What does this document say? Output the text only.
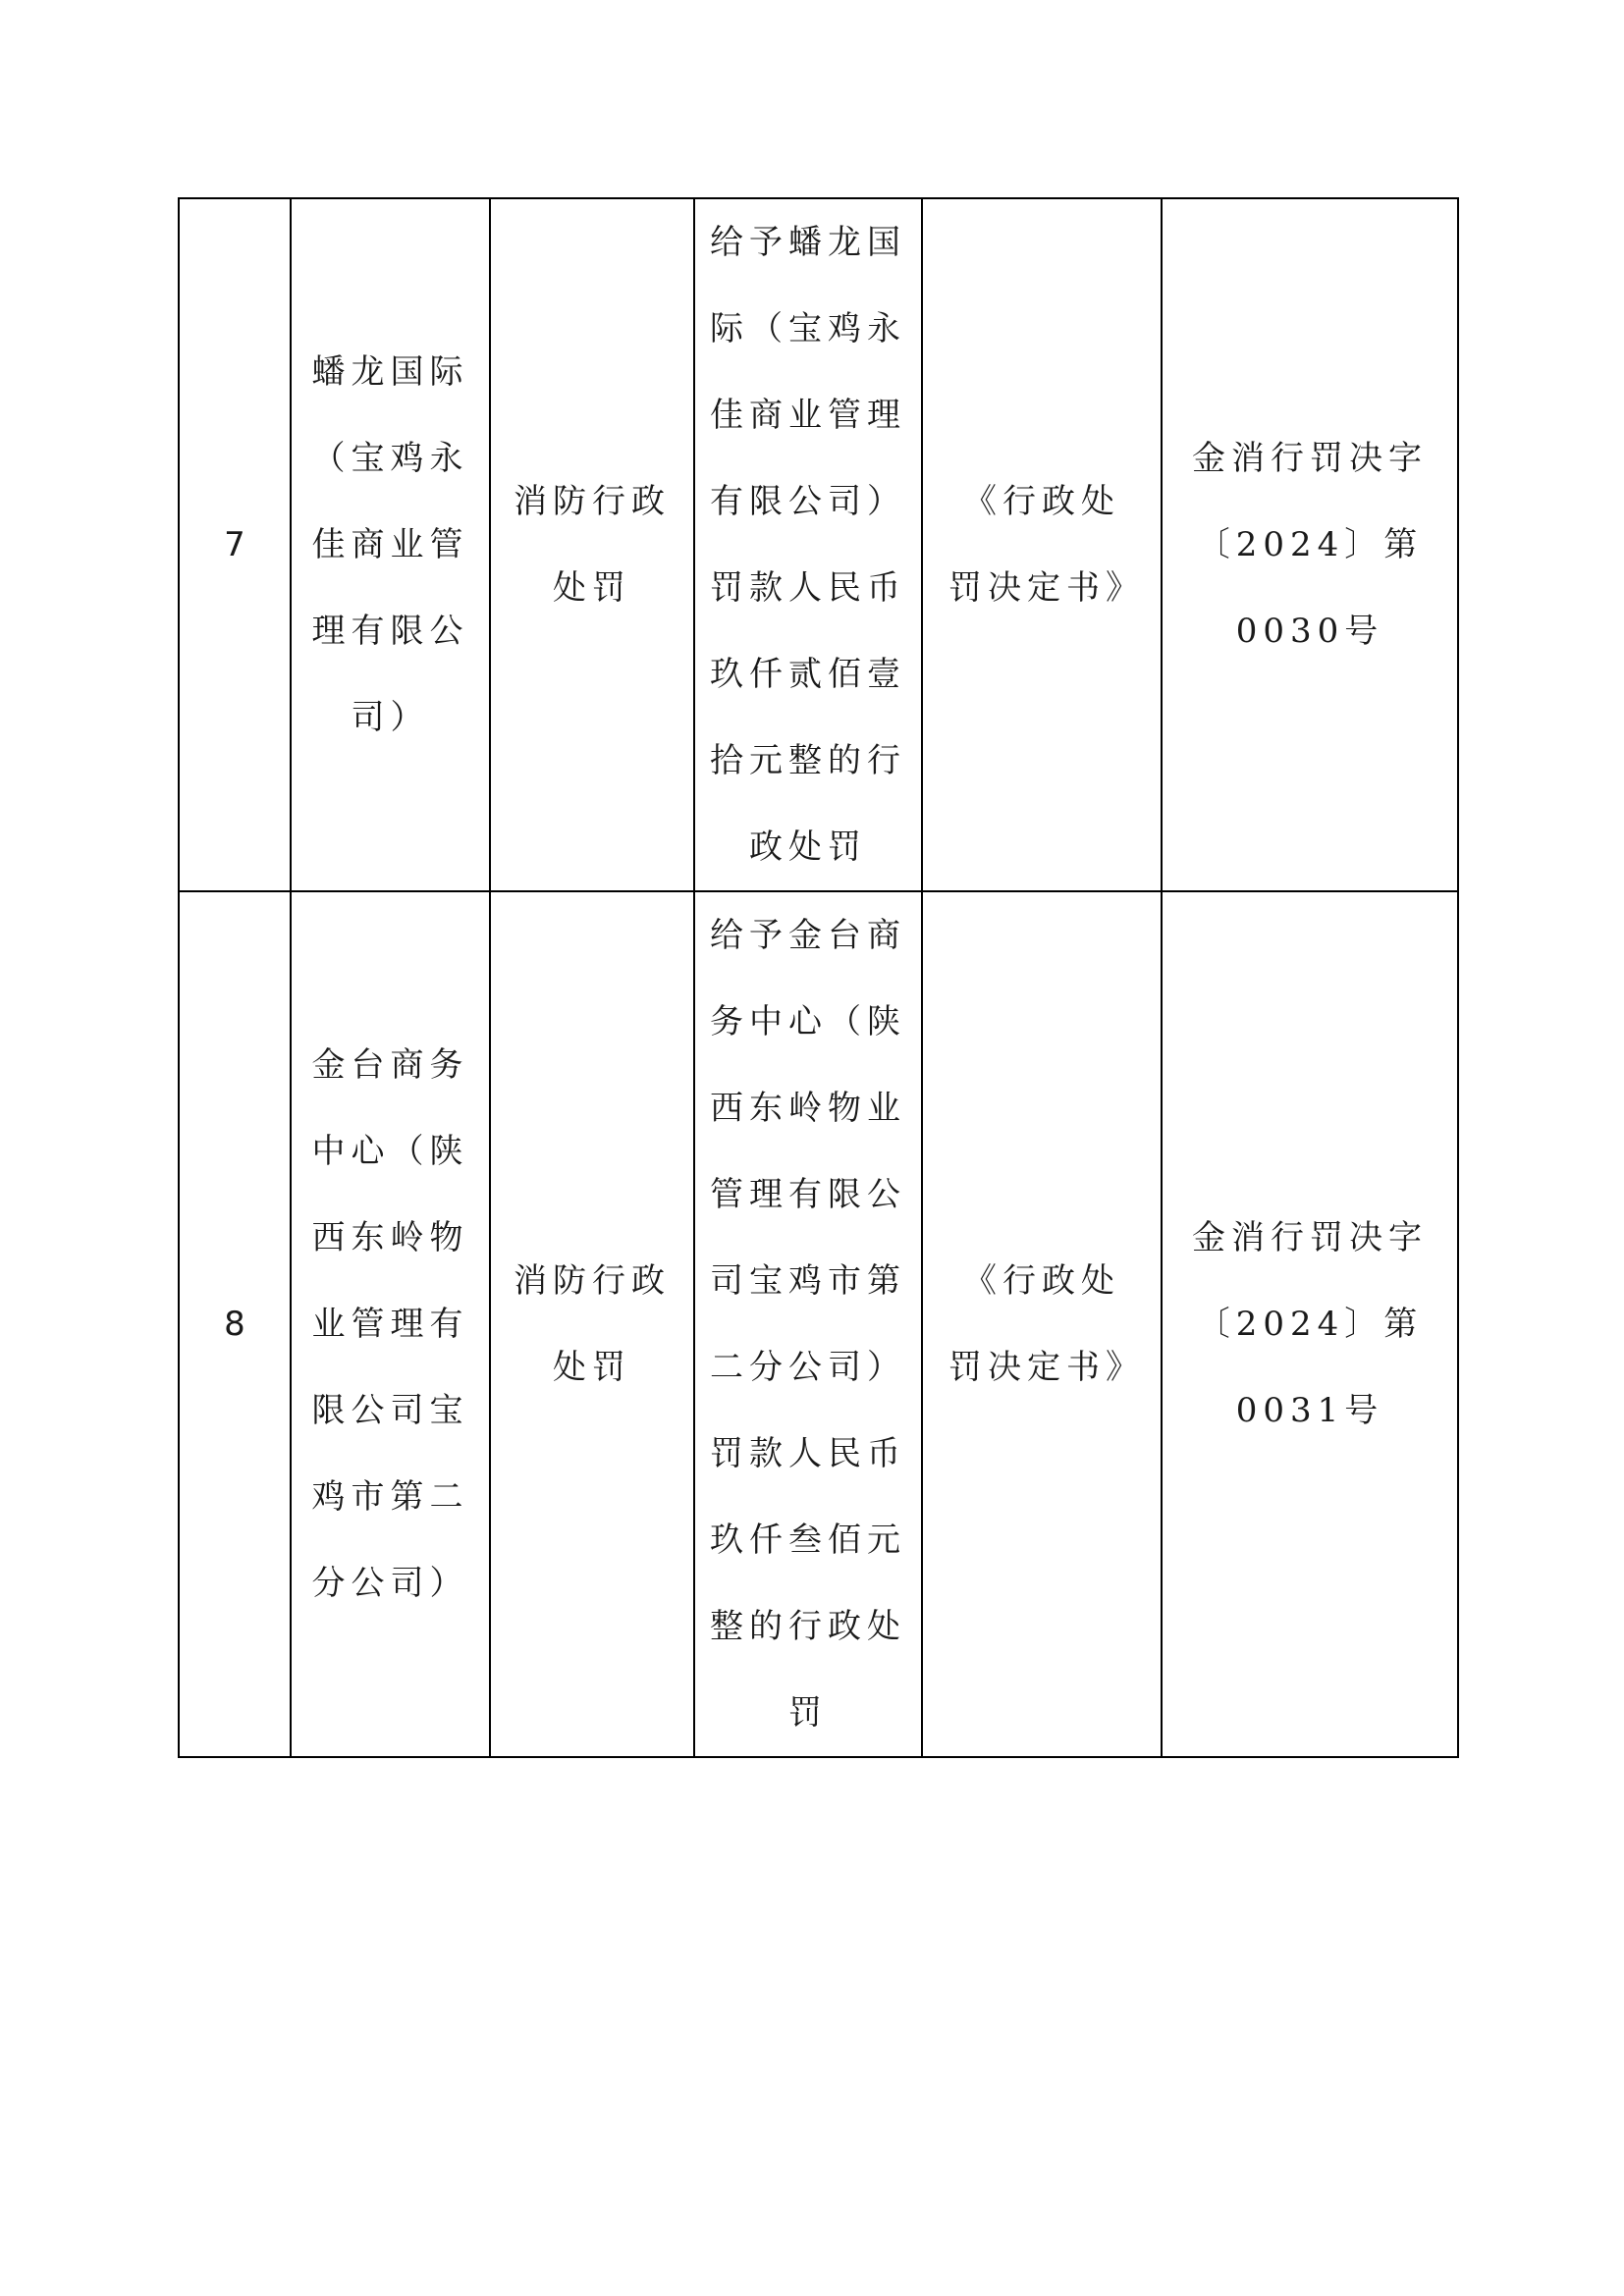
7	蟠龙国际（宝鸡永佳商业管理有限公司）	消防行政处罚	给予蟠龙国际（宝鸡永佳商业管理有限公司）罚款人民币玖仟贰佰壹拾元整的行政处罚	《行政处罚决定书》	金消行罚决字〔2024〕第0030号

8	金台商务中心（陕西东岭物业管理有限公司宝鸡市第二分公司）	消防行政处罚	给予金台商务中心（陕西东岭物业管理有限公司宝鸡市第二分公司）罚款人民币玖仟叁佰元整的行政处罚	《行政处罚决定书》	金消行罚决字〔2024〕第0031号
